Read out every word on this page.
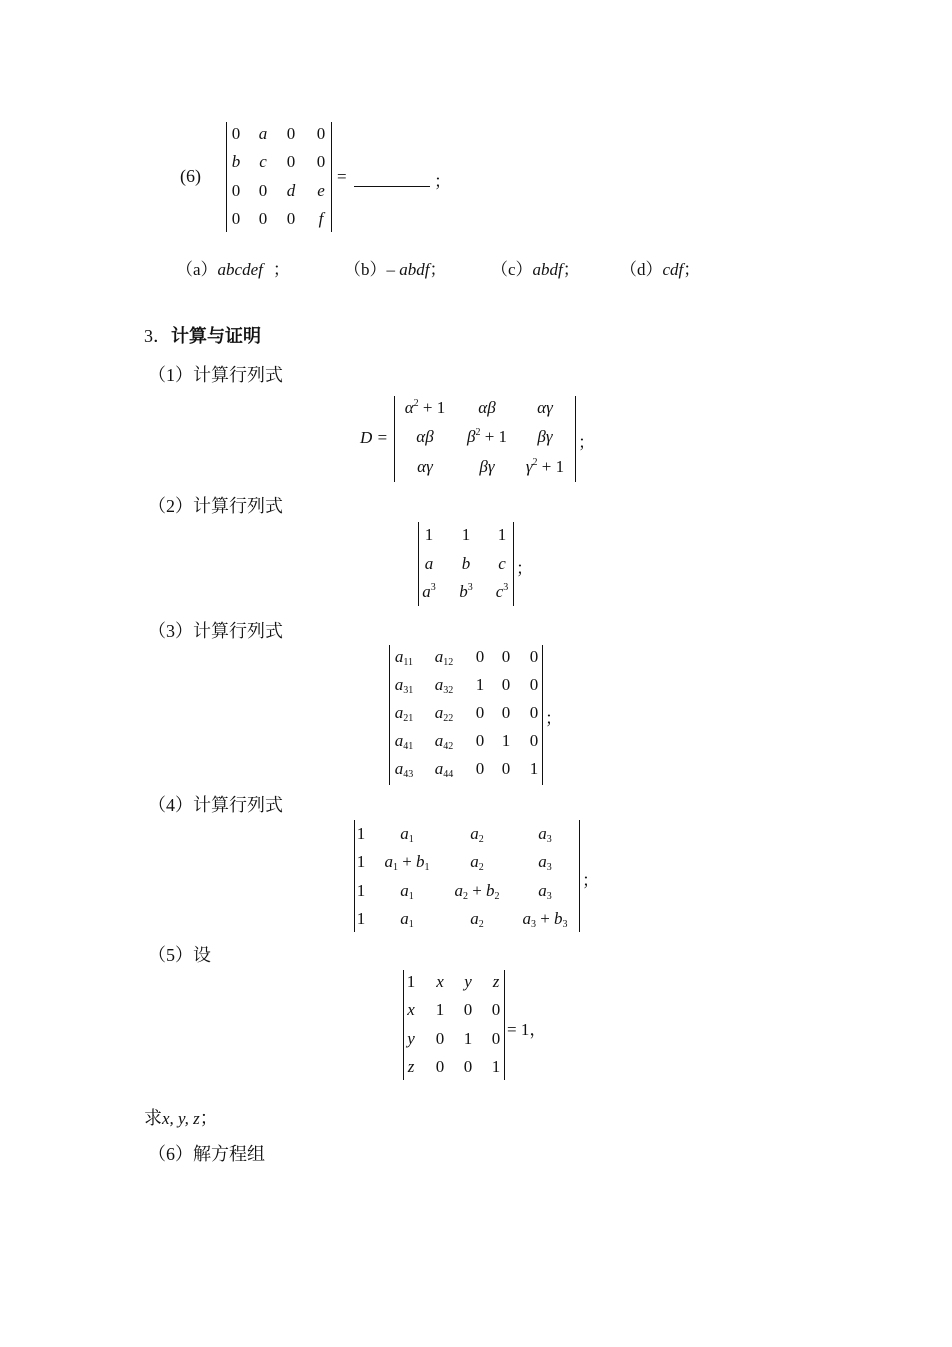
(6)
0 a 0 0
b c 0 0
0 0 d e
0 0 0 f
=	；
（a）abcdef ；	（b）– abdf；	（c）abdf； （d）cdf；
3．计算与证明
（1）计算行列式
D =
$\alpha^2 + 1$ αβ αγ
αβ $\beta^2 + 1$ βγ
αγ	βγ $\gamma^2 + 1$
；
（2）计算行列式
1 1 1
a b c
$a^3$ $b^3$ $c^3$
；
（3）计算行列式
$a_{11}$ $a_{12}$ 0 0 0
$a_{31}$ $a_{32}$ 1 0 0
$a_{21}$ $a_{22}$ 0 0 0
$a_{41}$ $a_{42}$ 0 1 0
$a_{43}$ $a_{44}$ 0 0 1
；
（4）计算行列式
1 $a_1$	$a_2$	$a_3$
1 $a_1 + b_1$ $a_2$	$a_3$
1 $a_1$ $a_2 + b_2$ $a_3$
1 $a_1$	$a_2$ $a_3 + b_3$
；
（5）设
1 x y z
x 1 0 0
y 0 1 0
z 0 0 1
= 1，
求x, y, z；
（6）解方程组
